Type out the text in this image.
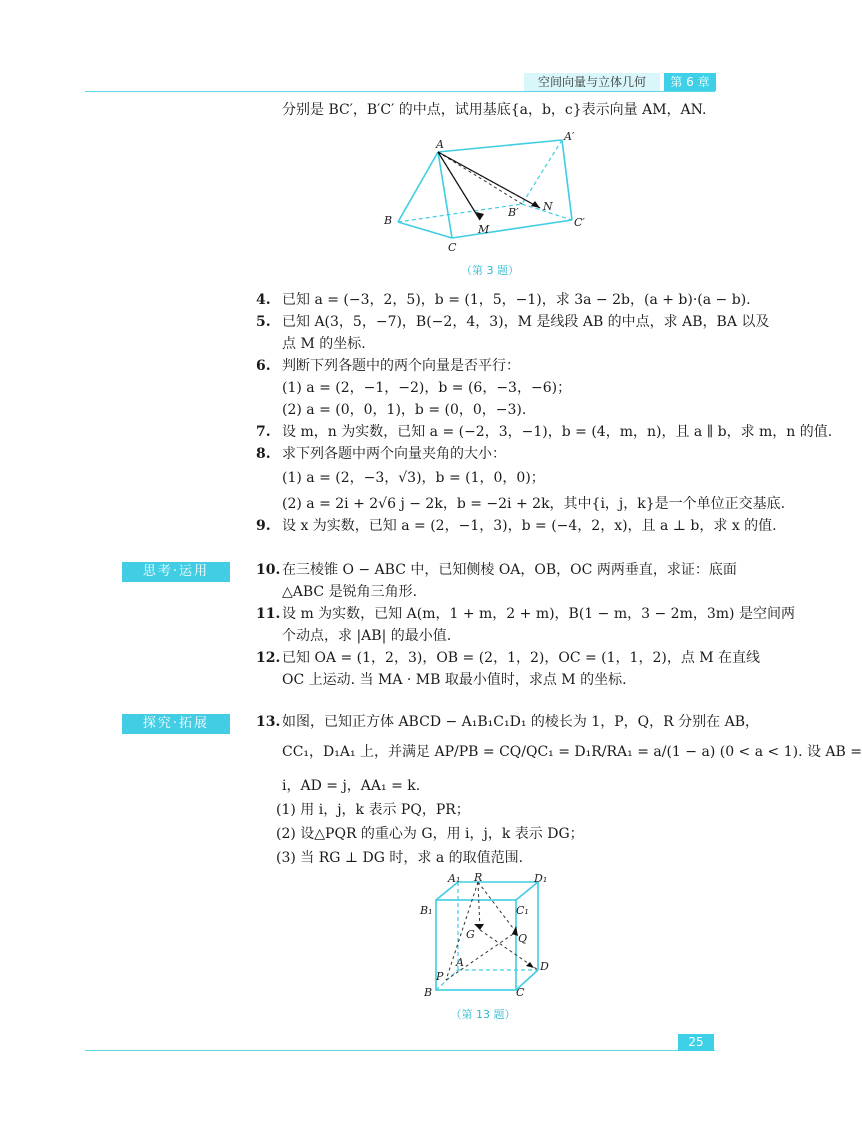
空间向量与立体几何	第 6 章
分别是 BC′，B′C′ 的中点，试用基底{a，b，c}表示向量 AM，AN.
A
A′
B
C
C′
B′
M
N
（第 3 题）
4. 已知 a = (−3，2，5)，b = (1，5，−1)，求 3a − 2b，(a + b)·(a − b).
5. 已知 A(3，5，−7)，B(−2，4，3)，M 是线段 AB 的中点，求 AB，BA 以及
点 M 的坐标.
6. 判断下列各题中的两个向量是否平行：
(1) a = (2，−1，−2)，b = (6，−3，−6)；
(2) a = (0，0，1)，b = (0，0，−3).
7. 设 m，n 为实数，已知 a = (−2，3，−1)，b = (4，m，n)，且 a ∥ b，求 m，n 的值.
8. 求下列各题中两个向量夹角的大小：
(1) a = (2，−3，√3)，b = (1，0，0)；
(2) a = 2i + 2√6 j − 2k，b = −2i + 2k，其中{i，j，k}是一个单位正交基底.
9. 设 x 为实数，已知 a = (2，−1，3)，b = (−4，2，x)，且 a ⊥ b，求 x 的值.
思考·运用	10. 在三棱锥 O − ABC 中，已知侧棱 OA，OB，OC 两两垂直，求证：底面
△ABC 是锐角三角形.
11. 设 m 为实数，已知 A(m，1 + m，2 + m)，B(1 − m，3 − 2m，3m) 是空间两
个动点，求 |AB| 的最小值.
12. 已知 OA = (1，2，3)，OB = (2，1，2)，OC = (1，1，2)，点 M 在直线
OC 上运动. 当 MA · MB 取最小值时，求点 M 的坐标.
探究·拓展	13. 如图，已知正方体 ABCD − A₁B₁C₁D₁ 的棱长为 1，P，Q，R 分别在 AB，
CC₁，D₁A₁ 上，并满足 AP/PB = CQ/QC₁ = D₁R/RA₁ = a/(1 − a) (0 < a < 1). 设 AB =
i，AD = j，AA₁ = k.
(1) 用 i，j，k 表示 PQ，PR；
(2) 设△PQR 的重心为 G，用 i，j，k 表示 DG；
(3) 当 RG ⊥ DG 时，求 a 的取值范围.
A₁ R	D₁
B₁	C₁
G	Q
A	D
P
B	C
（第 13 题）
25
